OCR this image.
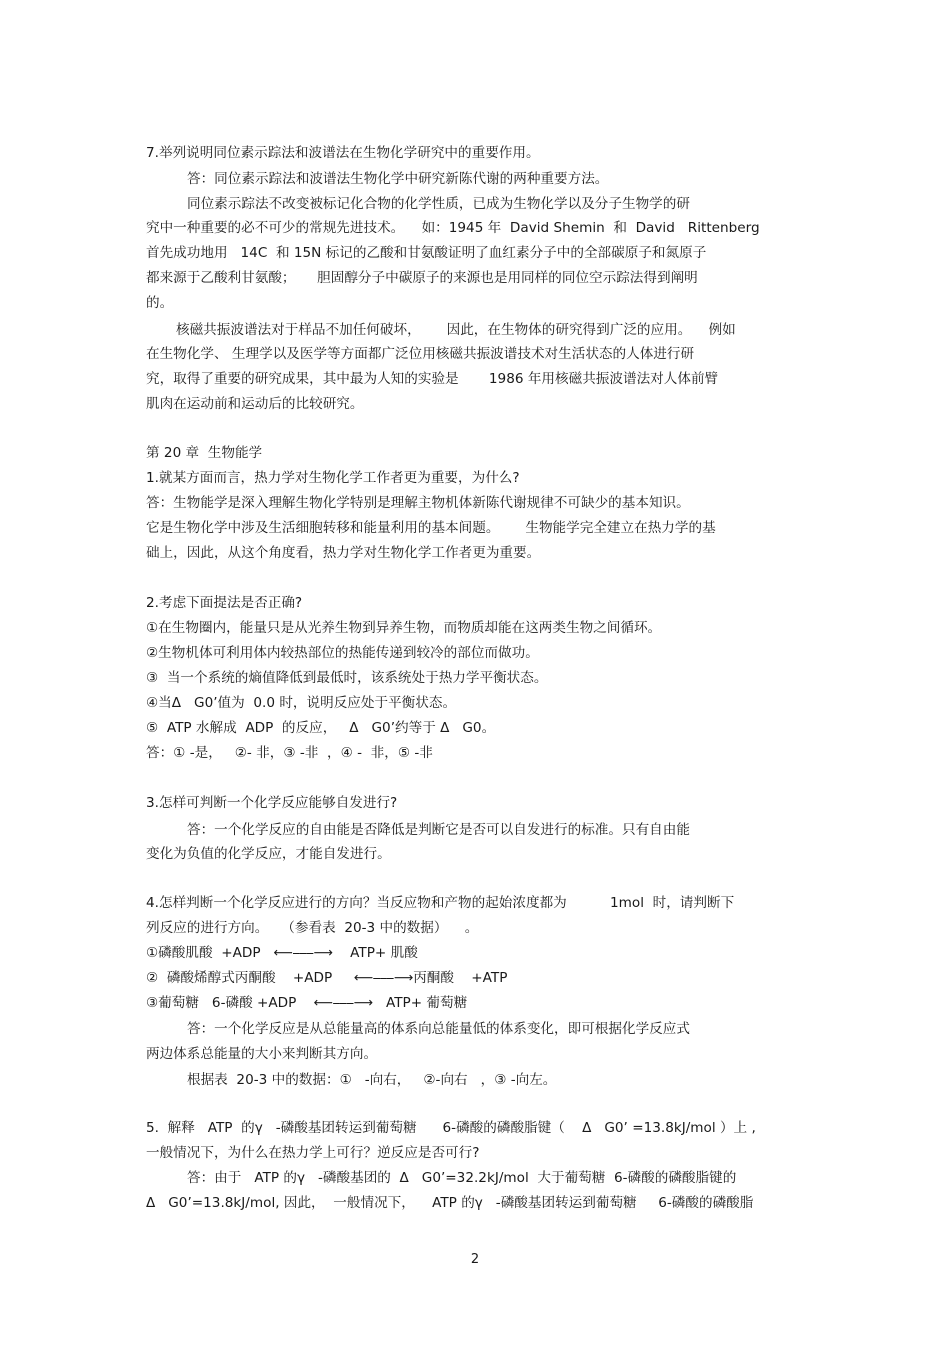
7.举列说明同位素示踪法和波谱法在生物化学研究中的重要作用。
答：同位素示踪法和波谱法生物化学中研究新陈代谢的两种重要方法。
同位素示踪法不改变被标记化合物的化学性质，已成为生物化学以及分子生物学的研
究中一种重要的必不可少的常规先进技术。    如：1945 年  David Shemin  和  David   Rittenberg
首先成功地用   14C  和 15N 标记的乙酸和甘氨酸证明了血红素分子中的全部碳原子和氮原子
都来源于乙酸利甘氨酸；     胆固醇分子中碳原子的来源也是用同样的同位空示踪法得到阐明
的。
核磁共振波谱法对于样品不加任何破坏，      因此，在生物体的研究得到广泛的应用。    例如
在生物化学、 生理学以及医学等方面都广泛位用核磁共振波谱技术对生活状态的人体进行研
究，取得了重要的研究成果，其中最为人知的实验是       1986 年用核磁共振波谱法对人体前臂
肌肉在运动前和运动后的比较研究。
第 20 章  生物能学
1.就某方面而言，热力学对生物化学工作者更为重要，为什么?
答：生物能学是深入理解生物化学特别是理解主物机体新陈代谢规律不可缺少的基本知识。
它是生物化学中涉及生活细胞转移和能量利用的基本间题。      生物能学完全建立在热力学的基
础上，因此，从这个角度看，热力学对生物化学工作者更为重要。
2.考虑下面提法是否正确?
①在生物圈内，能量只是从光养生物到异养生物，而物质却能在这两类生物之间循环。
②生物机体可利用体内较热部位的热能传递到较冷的部位而做功。
③  当一个系统的熵值降低到最低时，该系统处于热力学平衡状态。
④当Δ   G0’值为  0.0 时，说明反应处于平衡状态。
⑤  ATP 水解成  ADP  的反应，   Δ   G0’约等于 Δ   G0。
答：① -是，   ②- 非，③ -非  ，④ -  非，⑤ -非
3.怎样可判断一个化学反应能够自发进行?
答：一个化学反应的自由能是否降低是判断它是否可以自发进行的标准。只有自由能
变化为负值的化学反应，才能自发进行。
4.怎样判断一个化学反应进行的方向？当反应物和产物的起始浓度都为          1mol  时，请判断下
列反应的进行方向。   （参看表  20-3 中的数据）    。
①磷酸肌酸  +ADP   ⟵⎯⎯⎯⟶    ATP+ 肌酸
②  磷酸烯醇式丙酮酸    +ADP     ⟵⎯⎯⎯⟶丙酮酸    +ATP
③葡萄糖   6-磷酸 +ADP    ⟵⎯⎯⎯⟶   ATP+ 葡萄糖
答：一个化学反应是从总能量高的体系向总能量低的体系变化，即可根据化学反应式
两边体系总能量的大小来判断其方向。
根据表  20-3 中的数据：①   -向右，   ②-向右   ，③ -向左。
5.  解释   ATP  的γ   -磷酸基团转运到葡萄糖      6-磷酸的磷酸脂键（    Δ   G0’ =13.8kJ/mol ）上 ,
一般情况下，为什么在热力学上可行？逆反应是否可行?
答：由于   ATP 的γ   -磷酸基团的  Δ   G0’=32.2kJ/mol  大于葡萄糖  6-磷酸的磷酸脂键的
Δ   G0’=13.8kJ/mol, 因此，  一般情况下，    ATP 的γ   -磷酸基团转运到葡萄糖     6-磷酸的磷酸脂
2
